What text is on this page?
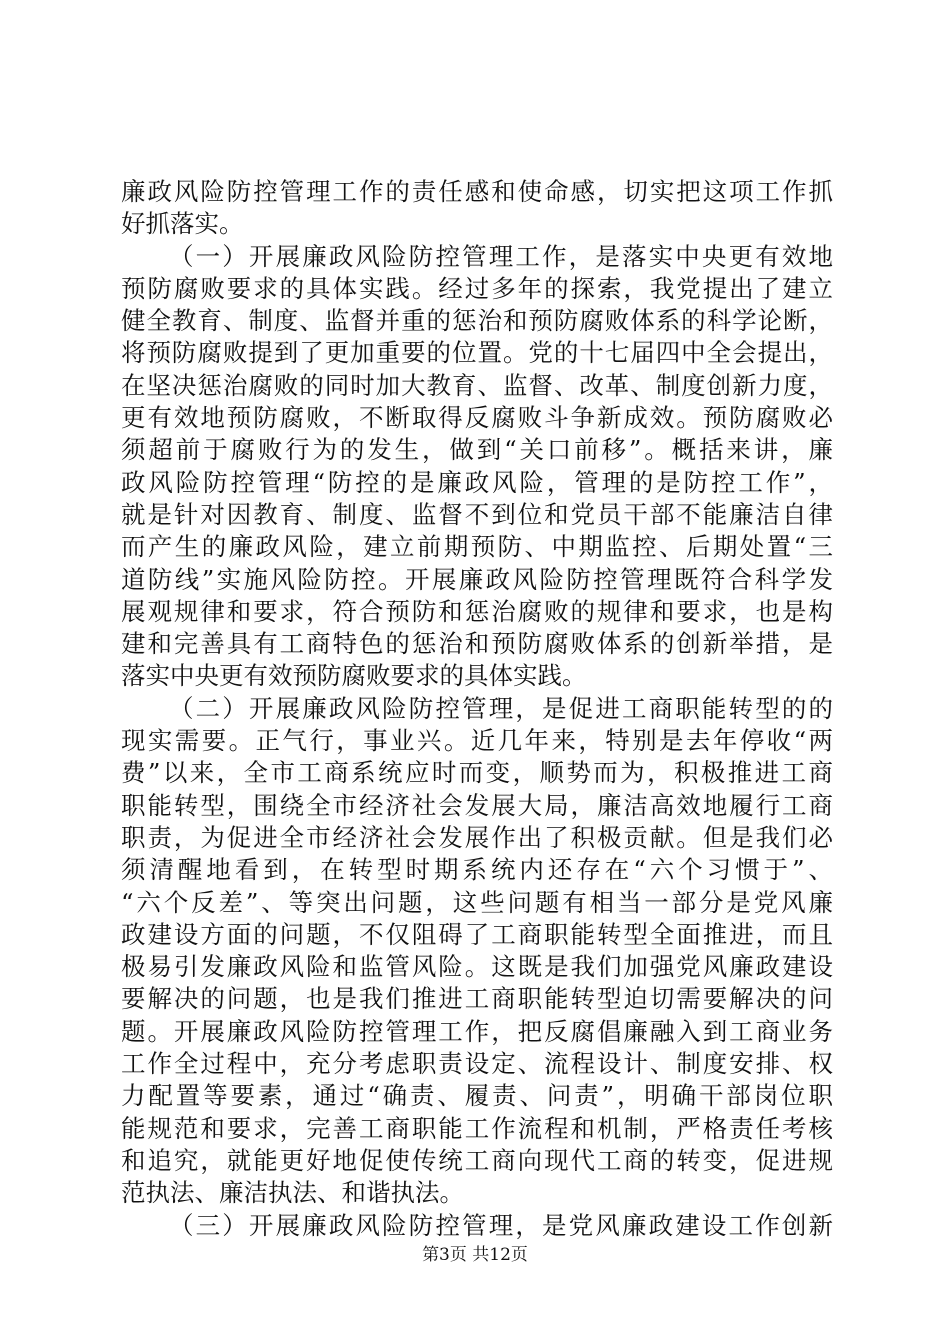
廉政风险防控管理工作的责任感和使命感，切实把这项工作抓
好抓落实。
（一）开展廉政风险防控管理工作，是落实中央更有效地
预防腐败要求的具体实践。经过多年的探索，我党提出了建立
健全教育、制度、监督并重的惩治和预防腐败体系的科学论断，
将预防腐败提到了更加重要的位置。党的十七届四中全会提出，
在坚决惩治腐败的同时加大教育、监督、改革、制度创新力度，
更有效地预防腐败，不断取得反腐败斗争新成效。预防腐败必
须超前于腐败行为的发生，做到“关口前移”。概括来讲，廉
政风险防控管理“防控的是廉政风险，管理的是防控工作”，
就是针对因教育、制度、监督不到位和党员干部不能廉洁自律
而产生的廉政风险，建立前期预防、中期监控、后期处置“三
道防线”实施风险防控。开展廉政风险防控管理既符合科学发
展观规律和要求，符合预防和惩治腐败的规律和要求，也是构
建和完善具有工商特色的惩治和预防腐败体系的创新举措，是
落实中央更有效预防腐败要求的具体实践。
（二）开展廉政风险防控管理，是促进工商职能转型的的
现实需要。正气行，事业兴。近几年来，特别是去年停收“两
费”以来，全市工商系统应时而变，顺势而为，积极推进工商
职能转型，围绕全市经济社会发展大局，廉洁高效地履行工商
职责，为促进全市经济社会发展作出了积极贡献。但是我们必
须清醒地看到，在转型时期系统内还存在“六个习惯于”、
“六个反差”、等突出问题，这些问题有相当一部分是党风廉
政建设方面的问题，不仅阻碍了工商职能转型全面推进，而且
极易引发廉政风险和监管风险。这既是我们加强党风廉政建设
要解决的问题，也是我们推进工商职能转型迫切需要解决的问
题。开展廉政风险防控管理工作，把反腐倡廉融入到工商业务
工作全过程中，充分考虑职责设定、流程设计、制度安排、权
力配置等要素，通过“确责、履责、问责”，明确干部岗位职
能规范和要求，完善工商职能工作流程和机制，严格责任考核
和追究，就能更好地促使传统工商向现代工商的转变，促进规
范执法、廉洁执法、和谐执法。
（三）开展廉政风险防控管理，是党风廉政建设工作创新
第3页 共12页
